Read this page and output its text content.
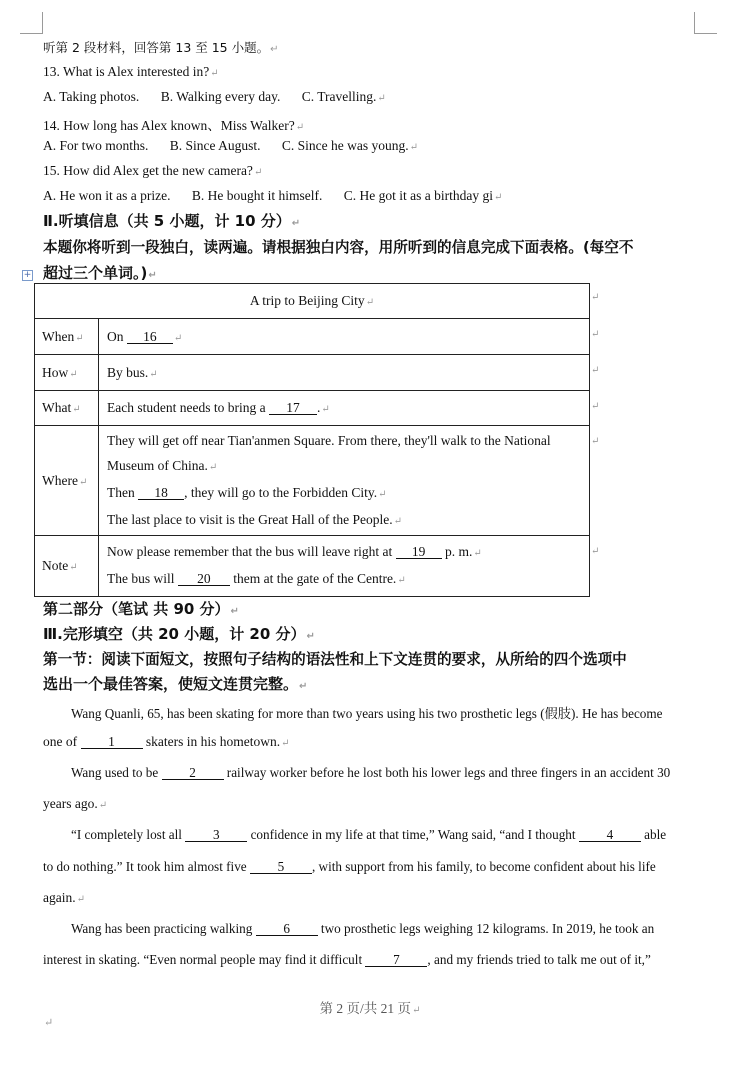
听第 2 段材料，回答第 13 至 15 小题。↵
13. What is Alex interested in?↵
A. Taking photos. B. Walking every day. C. Travelling.↵
14. How long has Alex known、Miss Walker?↵
A. For two months. B. Since August. C. Since he was young.↵
15. How did Alex get the new camera?↵
A. He won it as a prize. B. He bought it himself. C. He got it as a birthday gi↵
Ⅱ.听填信息（共 5 小题，计 10 分）↵
本题你将听到一段独白，读两遍。请根据独白内容，用所听到的信息完成下面表格。(每空不
超过三个单词。)↵
+
A trip to Beijing City↵	
When↵	On 16 ↵
How↵	By bus.↵
What↵	Each student needs to bring a 17 .↵
Where↵	They will get off near Tian'anmen Square. From there, they'll walk to the National
Museum of China.↵
Then 18 , they will go to the Forbidden City.↵
The last place to visit is the Great Hall of the People.↵

Note↵	Now please remember that the bus will leave right at 19 p. m.↵
The bus will 20 them at the gate of the Centre.↵
↵
↵
↵
↵
↵
↵
第二部分（笔试 共 90 分）↵
Ⅲ.完形填空（共 20 小题，计 20 分）↵
第一节：阅读下面短文，按照句子结构的语法性和上下文连贯的要求，从所给的四个选项中
选出一个最佳答案，使短文连贯完整。↵
Wang Quanli, 65, has been skating for more than two years using his two prosthetic legs (假肢). He has become
one of 1 skaters in his hometown.↵
Wang used to be 2 railway worker before he lost both his lower legs and three fingers in an accident 30
years ago.↵
“I completely lost all 3 confidence in my life at that time,” Wang said, “and I thought 4 able
to do nothing.” It took him almost five 5 , with support from his family, to become confident about his life
again.↵
Wang has been practicing walking 6 two prosthetic legs weighing 12 kilograms. In 2019, he took an
interest in skating. “Even normal people may find it difficult 7 , and my friends tried to talk me out of it,”
第 2 页/共 21 页↵
↵
